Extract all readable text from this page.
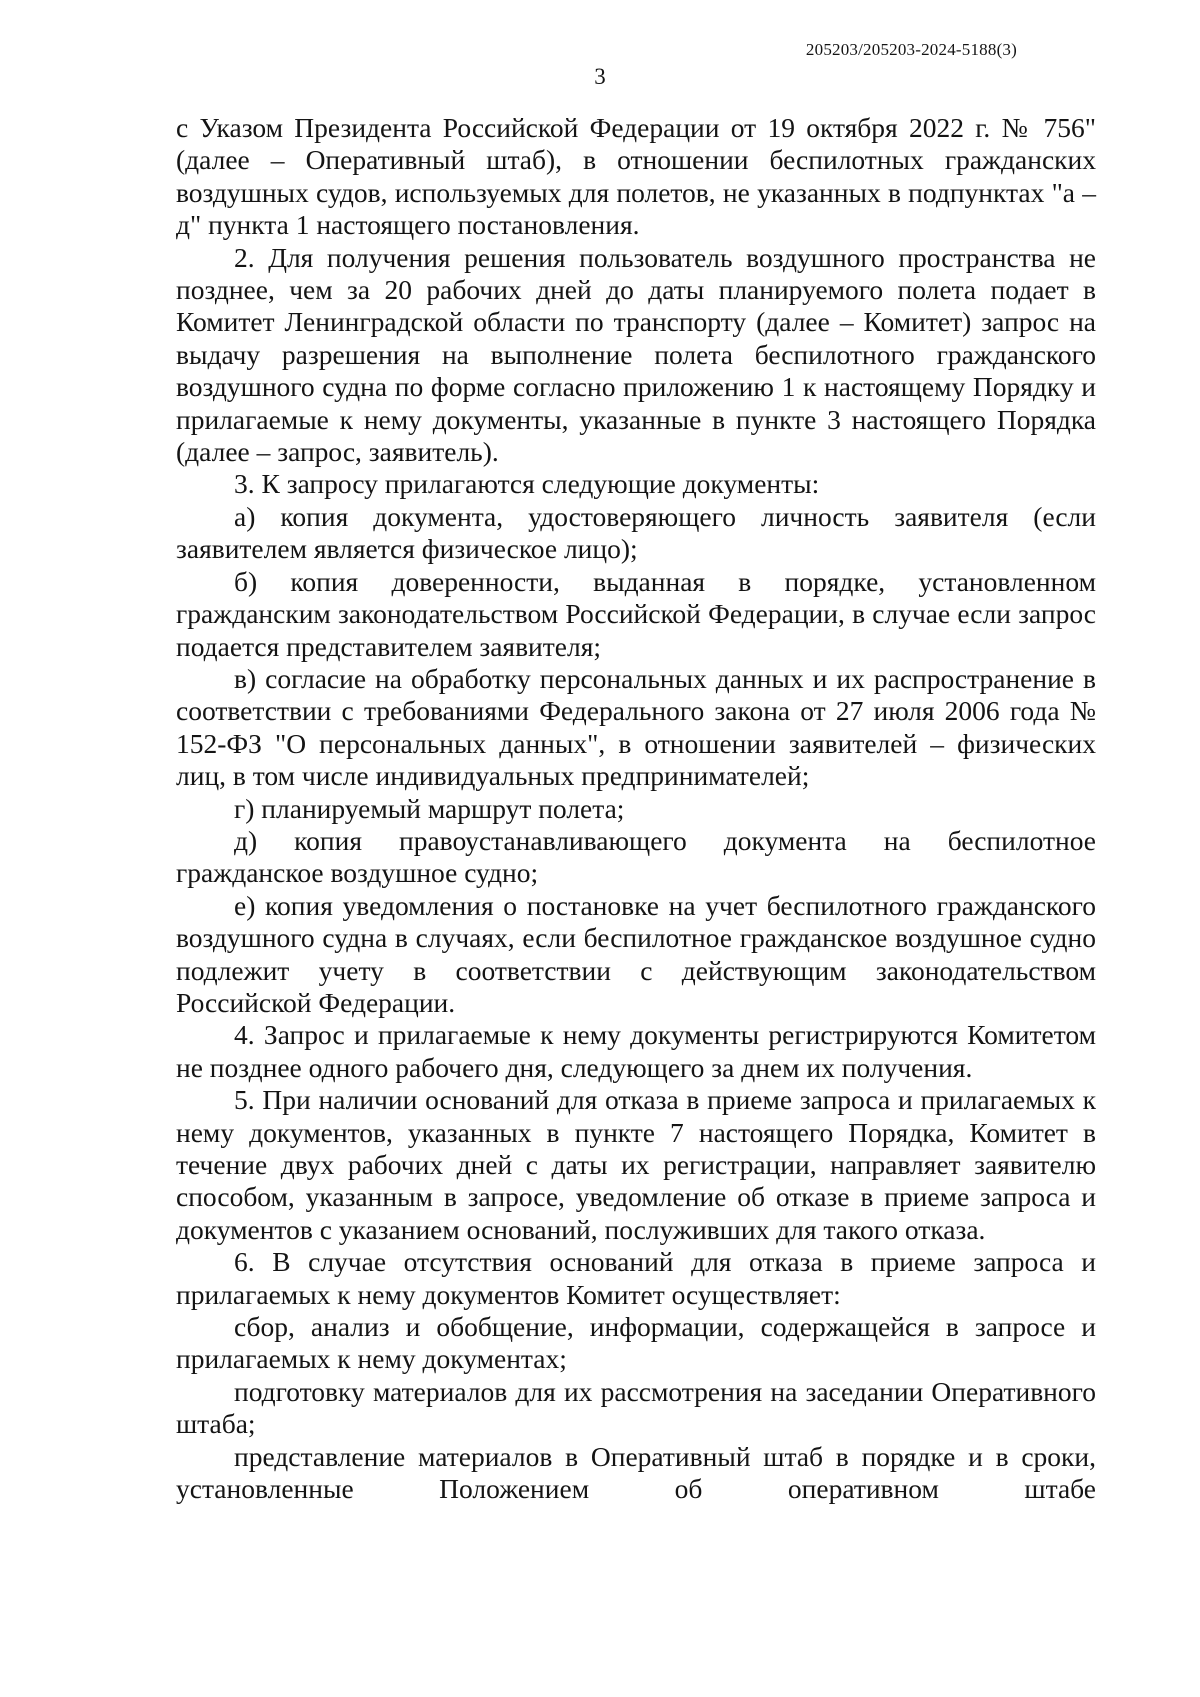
205203/205203-2024-5188(3)
3

с Указом Президента Российской Федерации от 19 октября 2022 г. № 756" (далее – Оперативный штаб), в отношении беспилотных гражданских воздушных судов, используемых для полетов, не указанных в подпунктах "а – д" пункта 1 настоящего постановления.

2. Для получения решения пользователь воздушного пространства не позднее, чем за 20 рабочих дней до даты планируемого полета подает в Комитет Ленинградской области по транспорту (далее – Комитет) запрос на выдачу разрешения на выполнение полета беспилотного гражданского воздушного судна по форме согласно приложению 1 к настоящему Порядку и прилагаемые к нему документы, указанные в пункте 3 настоящего Порядка (далее – запрос, заявитель).

3. К запросу прилагаются следующие документы:

а) копия документа, удостоверяющего личность заявителя (если заявителем является физическое лицо);

б) копия доверенности, выданная в порядке, установленном гражданским законодательством Российской Федерации, в случае если запрос подается представителем заявителя;

в) согласие на обработку персональных данных и их распространение в соответствии с требованиями Федерального закона от 27 июля 2006 года № 152-ФЗ "О персональных данных", в отношении заявителей – физических лиц, в том числе индивидуальных предпринимателей;

г) планируемый маршрут полета;

д) копия правоустанавливающего документа на беспилотное гражданское воздушное судно;

е) копия уведомления о постановке на учет беспилотного гражданского воздушного судна в случаях, если беспилотное гражданское воздушное судно подлежит учету в соответствии с действующим законодательством Российской Федерации.

4. Запрос и прилагаемые к нему документы регистрируются Комитетом не позднее одного рабочего дня, следующего за днем их получения.

5. При наличии оснований для отказа в приеме запроса и прилагаемых к нему документов, указанных в пункте 7 настоящего Порядка, Комитет в течение двух рабочих дней с даты их регистрации, направляет заявителю способом, указанным в запросе, уведомление об отказе в приеме запроса и документов с указанием оснований, послуживших для такого отказа.

6. В случае отсутствия оснований для отказа в приеме запроса и прилагаемых к нему документов Комитет осуществляет:

сбор, анализ и обобщение, информации, содержащейся в запросе и прилагаемых к нему документах;

подготовку материалов для их рассмотрения на заседании Оперативного штаба;

представление материалов в Оперативный штаб в порядке и в сроки, установленные Положением об оперативном штабе
